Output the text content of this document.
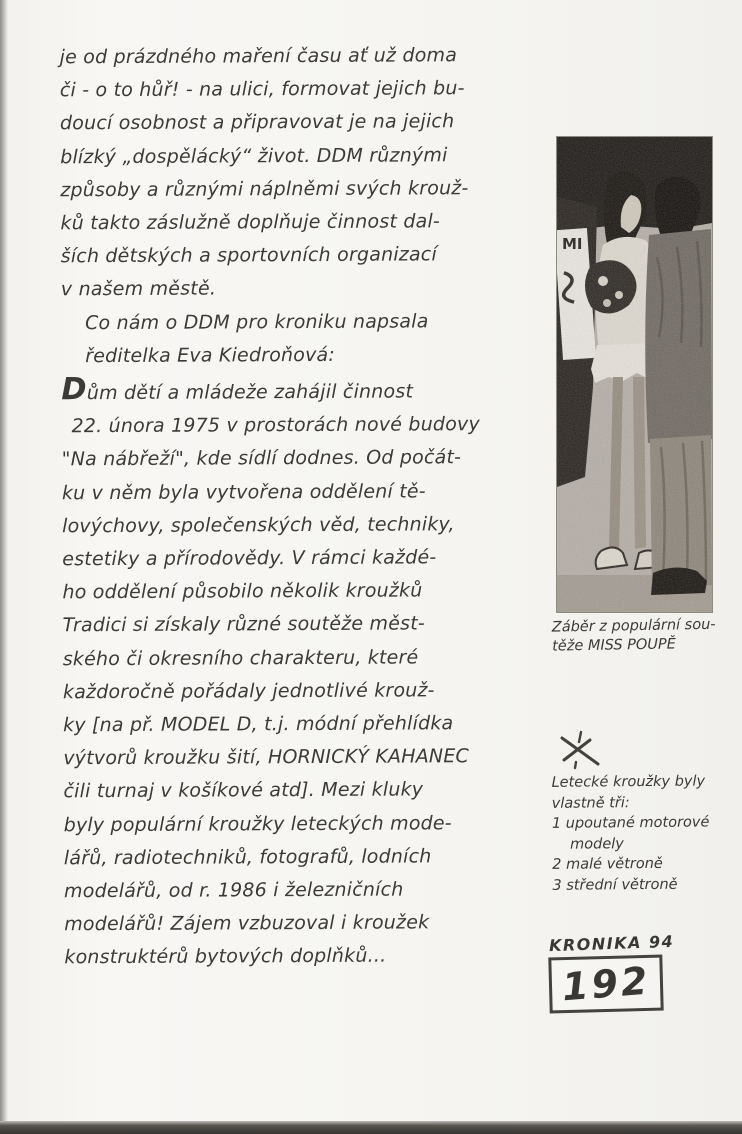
je od prázdného maření času ať už doma
či - o to hůř! - na ulici, formovat jejich bu-
doucí osobnost a připravovat je na jejich
blízký „dospělácký“ život. DDM různými
způsoby a různými náplněmi svých krouž-
ků takto záslužně doplňuje činnost dal-
ších dětských a sportovních organizací
v našem městě.
Co nám o DDM pro kroniku napsala
ředitelka Eva Kiedroňová:
Dům dětí a mládeže zahájil činnost
22. února 1975 v prostorách nové budovy
"Na nábřeží", kde sídlí dodnes. Od počát-
ku v něm byla vytvořena oddělení tě-
lovýchovy, společenských věd, techniky,
estetiky a přírodovědy. V rámci každé-
ho oddělení působilo několik kroužků
Tradici si získaly různé soutěže měst-
ského či okresního charakteru, které
každoročně pořádaly jednotlivé krouž-
ky [na př. MODEL D, t.j. módní přehlídka
výtvorů kroužku šití, HORNICKÝ KAHANEC
čili turnaj v košíkové atd]. Mezi kluky
byly populární kroužky leteckých mode-
lářů, radiotechniků, fotografů, lodních
modelářů, od r. 1986 i železničních
modelářů! Zájem vzbuzoval i kroužek
konstruktérů bytových doplňků...
MI
Záběr z populární sou-
těže MISS POUPĚ
Letecké kroužky byly
vlastně tři:
1 upoutané motorové
modely
2 malé větroně
3 střední větroně
KRONIKA 94
192
